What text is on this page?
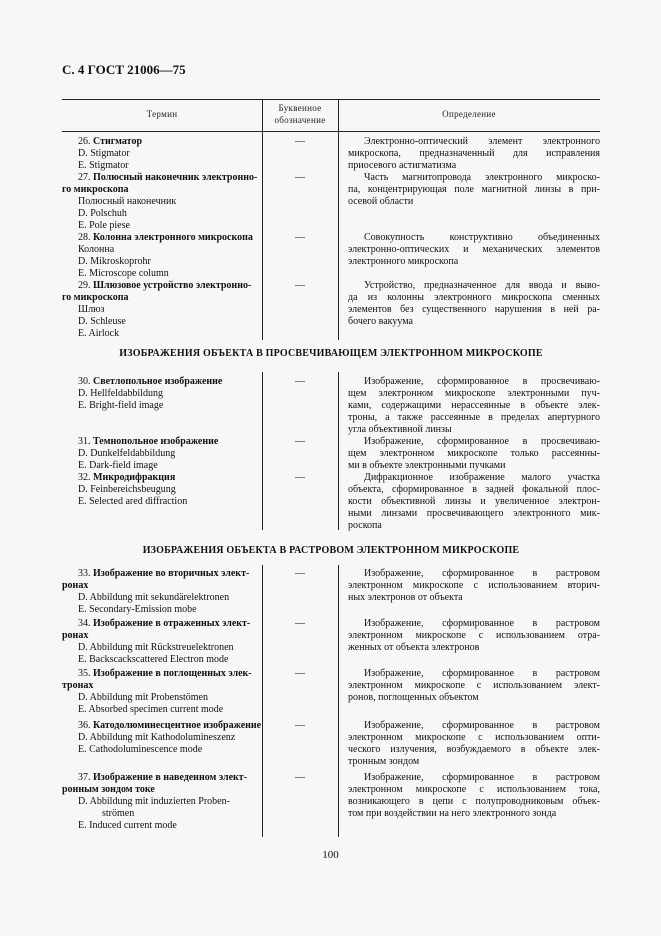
С. 4 ГОСТ 21006—75
Термин
Буквенное
обозначение
Определение
ИЗОБРАЖЕНИЯ ОБЪЕКТА В ПРОСВЕЧИВАЮЩЕМ ЭЛЕКТРОННОМ МИКРОСКОПЕ
ИЗОБРАЖЕНИЯ ОБЪЕКТА В РАСТРОВОМ ЭЛЕКТРОННОМ МИКРОСКОПЕ
26. Стигматор
D. Stigmator
E. Stigmator
—	Электронно-оптический элемент электронного
микроскопа, предназначенный для исправления
приосевого астигматизма
27. Полюсный наконечник электронно-
го микроскопа
Полюсный наконечник
D. Polschuh
E. Pole piese
—	Часть магнитопровода электронного микроско-
па, концентрирующая поле магнитной линзы в при-
осевой области
28. Колонна электронного микроскопа
Колонна
D. Mikroskoprohr
E. Microscope column
—	Совокупность конструктивно объединенных
электронно-оптических и механических элементов
электронного микроскопа
29. Шлюзовое устройство электронно-
го микроскопа
Шлюз
D. Schleuse
E. Airlock
—	Устройство, предназначенное для ввода и выво-
да из колонны электронного микроскопа сменных
элементов без существенного нарушения в ней ра-
бочего вакуума
30. Светлопольное изображение
D. Hellfeldabbildung
E. Bright-field image
—	Изображение, сформированное в просвечиваю-
щем электронном микроскопе электронными пуч-
ками, содержащими нерассеянные в объекте элек-
троны, а также рассеянные в пределах апертурного
угла объективной линзы
31. Темнопольное изображение
D. Dunkelfeldabbildung
E. Dark-field image
—	Изображение, сформированное в просвечиваю-
щем электронном микроскопе только рассеянны-
ми в объекте электронными пучками
32. Микродифракция
D. Feinbereichsbeugung
E. Selected ared diffraction
—	Дифракционное изображение малого участка
объекта, сформированное в задней фокальной плос-
кости объективной линзы и увеличенное электрон-
ными линзами просвечивающего электронного мик-
роскопа
33. Изображение во вторичных элект-
ронах
D. Abbildung mit sekundärelektronen
E. Secondary-Emission mobe
—	Изображение, сформированное в растровом
электронном микроскопе с использованием вторич-
ных электронов от объекта
34. Изображение в отраженных элект-
ронах
D. Abbildung mit Rückstreuelektronen
E. Backscackscattered Electron mode
—	Изображение, сформированное в растровом
электронном микроскопе с использованием отра-
женных от объекта электронов
35. Изображение в поглощенных элек-
тронах
D. Abbildung mit Probenstömen
E. Absorbed specimen current mode
—	Изображение, сформированное в растровом
электронном микроскопе с использованием элект-
ронов, поглощенных объектом
36. Катодолюминесцентное изображение
D. Abbildung mit Kathodolumineszenz
E. Cathodoluminescence mode
—	Изображение, сформированное в растровом
электронном микроскопе с использованием опти-
ческого излучения, возбуждаемого в объекте элек-
тронным зондом
37. Изображение в наведенном элект-
ронным зондом токе
D. Abbildung mit induzierten Proben-
strömen
E. Induced current mode
—	Изображение, сформированное в растровом
электронном микроскопе с использованием тока,
возникающего в цепи с полупроводниковым объек-
том при воздействии на него электронного зонда
100
